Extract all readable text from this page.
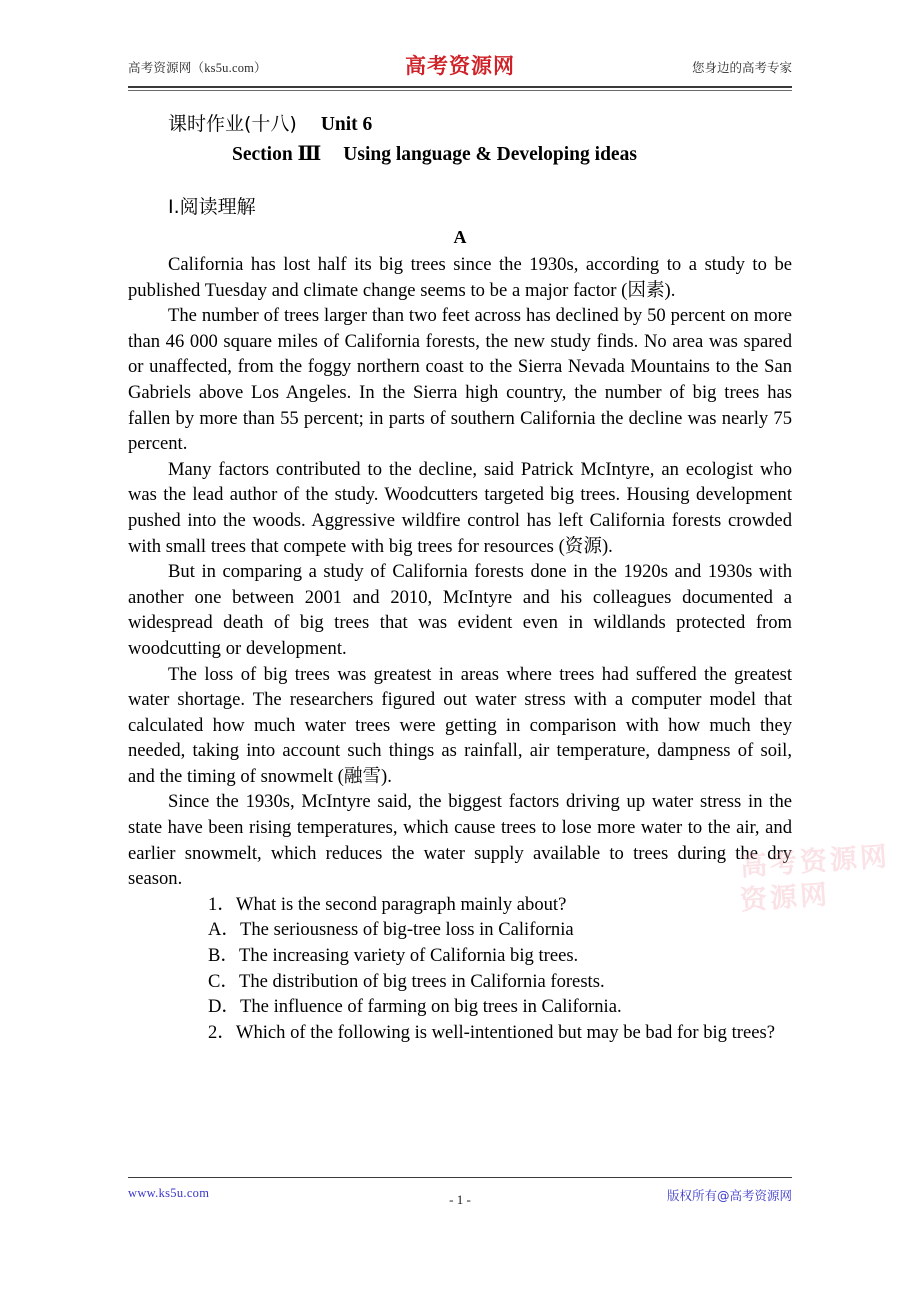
高考资源网（ks5u.com）	高考资源网	您身边的高考专家
课时作业(十八) Unit 6
Section Ⅲ Using language & Developing ideas
Ⅰ.阅读理解
A

California has lost half its big trees since the 1930s, according to a study to be published Tuesday and climate change seems to be a major factor (因素).

The number of trees larger than two feet across has declined by 50 percent on more than 46 000 square miles of California forests, the new study finds. No area was spared or unaffected, from the foggy northern coast to the Sierra Nevada Mountains to the San Gabriels above Los Angeles. In the Sierra high country, the number of big trees has fallen by more than 55 percent; in parts of southern California the decline was nearly 75 percent.

Many factors contributed to the decline, said Patrick McIntyre, an ecologist who was the lead author of the study. Woodcutters targeted big trees. Housing development pushed into the woods. Aggressive wildfire control has left California forests crowded with small trees that compete with big trees for resources (资源).

But in comparing a study of California forests done in the 1920s and 1930s with another one between 2001 and 2010, McIntyre and his colleagues documented a widespread death of big trees that was evident even in wildlands protected from woodcutting or development.

The loss of big trees was greatest in areas where trees had suffered the greatest water shortage. The researchers figured out water stress with a computer model that calculated how much water trees were getting in comparison with how much they needed, taking into account such things as rainfall, air temperature, dampness of soil, and the timing of snowmelt (融雪).

Since the 1930s, McIntyre said, the biggest factors driving up water stress in the state have been rising temperatures, which cause trees to lose more water to the air, and earlier snowmelt, which reduces the water supply available to trees during the dry season.

1．What is the second paragraph mainly about?

A．The seriousness of big-tree loss in California

B．The increasing variety of California big trees.

C．The distribution of big trees in California forests.

D．The influence of farming on big trees in California.

2．Which of the following is well-intentioned but may be bad for big trees?

高考资源网
资源网
www.ks5u.com	- 1 -	版权所有@高考资源网
